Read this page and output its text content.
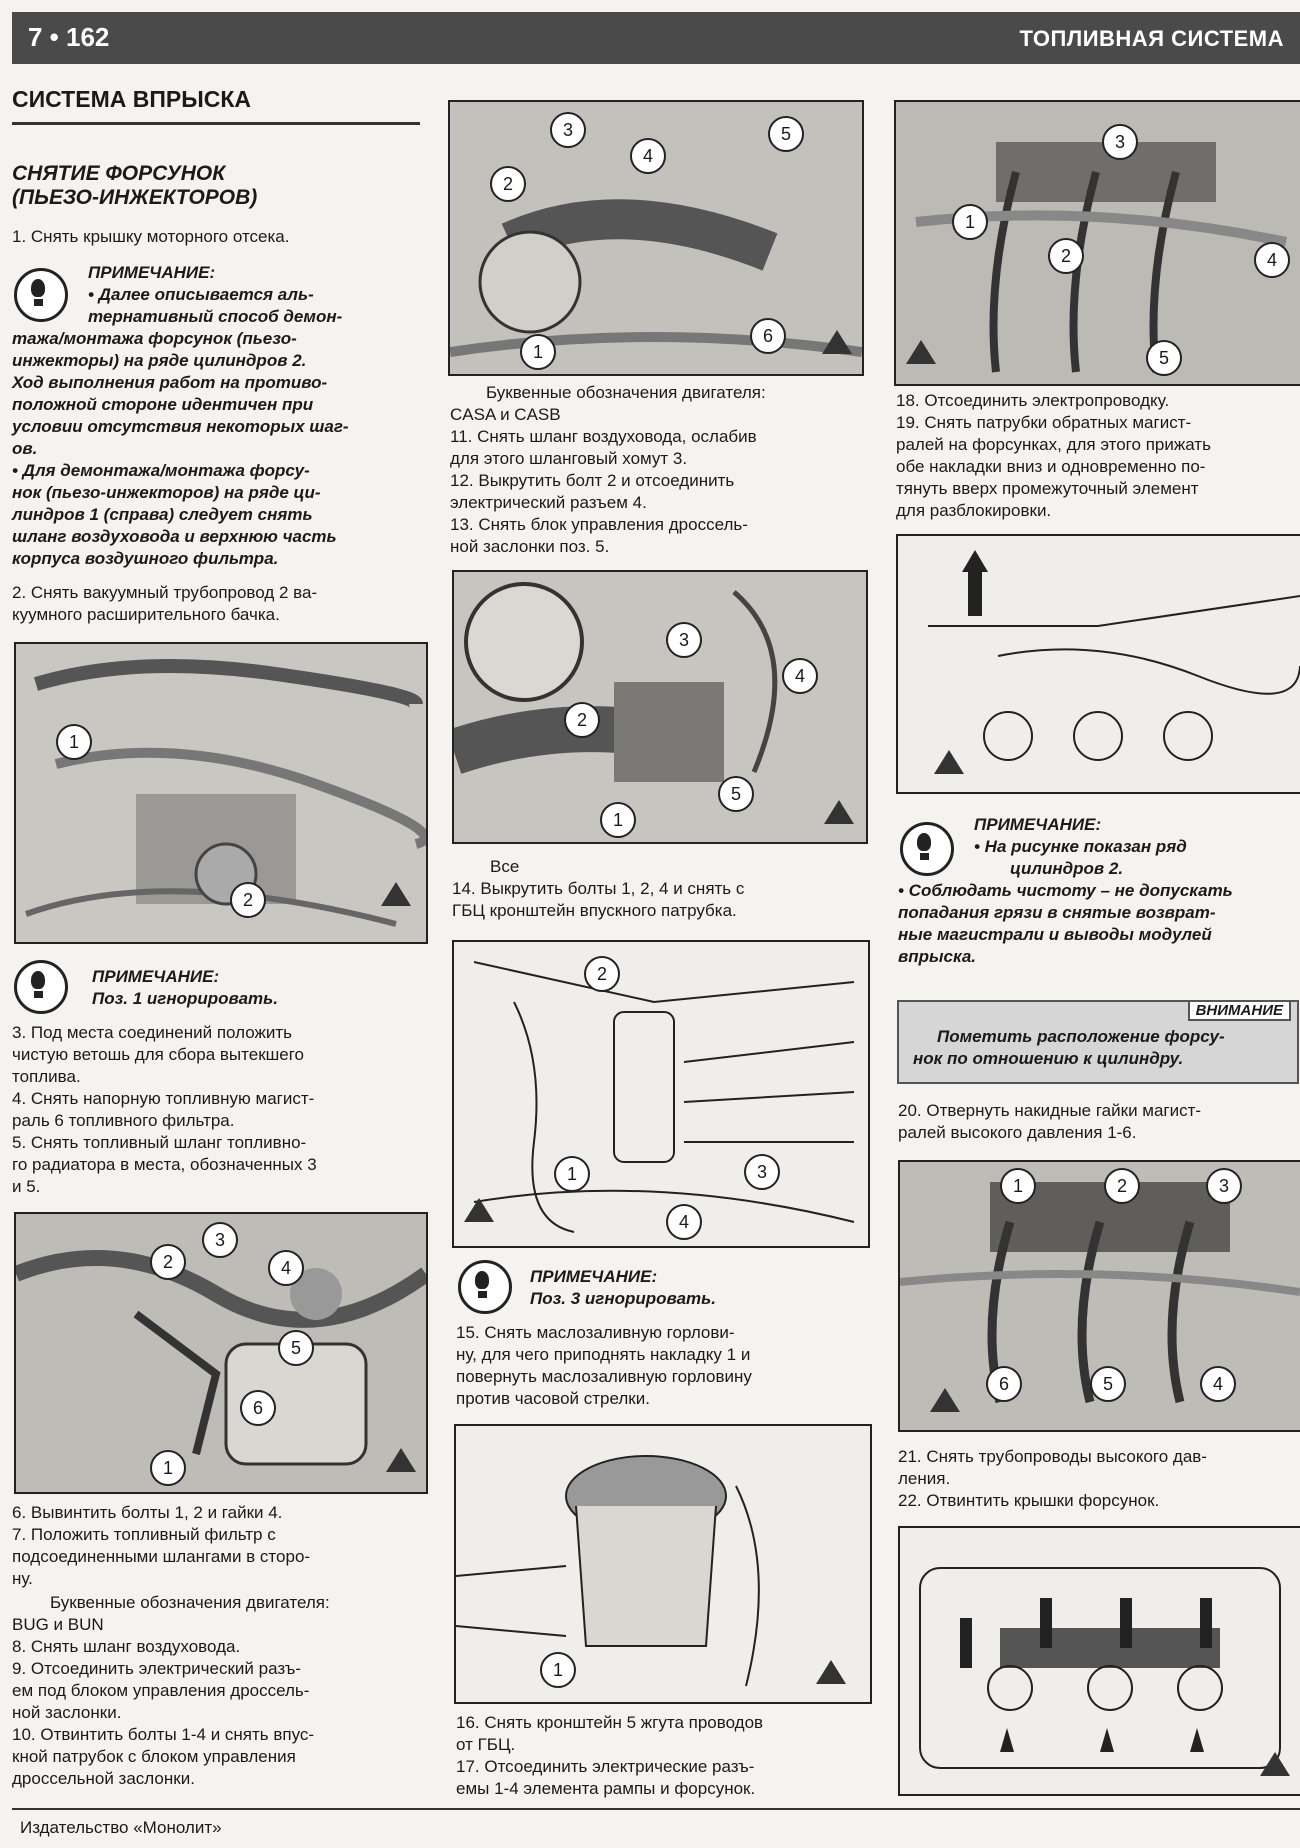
7 • 162	ТОПЛИВНАЯ СИСТЕМА
СИСТЕМА ВПРЫСКА
СНЯТИЕ ФОРСУНОК
(ПЬЕЗО-ИНЖЕКТОРОВ)
1. Снять крышку моторного отсека.
ПРИМЕЧАНИЕ:
• Далее описывается аль-
тернативный способ демон-
тажа/монтажа форсунок (пьезо-
инжекторы) на ряде цилиндров 2.
Ход выполнения работ на противо-
положной стороне идентичен при
условии отсутствия некоторых шаг-
ов.
• Для демонтажа/монтажа форсу-
нок (пьезо-инжекторов) на ряде ци-
линдров 1 (справа) следует снять
шланг воздуховода и верхнюю часть
корпуса воздушного фильтра.
2. Снять вакуумный трубопровод 2 ва-
куумного расширительного бачка.
1
2
ПРИМЕЧАНИЕ:
Поз. 1 игнорировать.
3. Под места соединений положить
чистую ветошь для сбора вытекшего
топлива.
4. Снять напорную топливную магист-
раль 6 топливного фильтра.
5. Снять топливный шланг топливно-
го радиатора в места, обозначенных 3
и 5.
3
2	4
5
6
1
6. Вывинтить болты 1, 2 и гайки 4.
7. Положить топливный фильтр с
подсоединенными шлангами в сторо-
ну.
Буквенные обозначения двигателя:
BUG и BUN
8. Снять шланг воздуховода.
9. Отсоединить электрический разъ-
ем под блоком управления дроссель-
ной заслонки.
10. Отвинтить болты 1-4 и снять впус-
кной патрубок с блоком управления
дроссельной заслонки.
3
4
5
2
6
1
Буквенные обозначения двигателя:
CASA и CASB
11. Снять шланг воздуховода, ослабив
для этого шланговый хомут 3.
12. Выкрутить болт 2 и отсоединить
электрический разъем 4.
13. Снять блок управления дроссель-
ной заслонки поз. 5.
3
2
4
5
1
Все
14. Выкрутить болты 1, 2, 4 и снять с
ГБЦ кронштейн впускного патрубка.
2
1
4
3
ПРИМЕЧАНИЕ:
Поз. 3 игнорировать.
15. Снять маслозаливную горлови-
ну, для чего приподнять накладку 1 и
повернуть маслозаливную горловину
против часовой стрелки.
1
16. Снять кронштейн 5 жгута проводов
от ГБЦ.
17. Отсоединить электрические разъ-
емы 1-4 элемента рампы и форсунок.
3
1
2	4
5
18. Отсоединить электропроводку.
19. Снять патрубки обратных магист-
ралей на форсунках, для этого прижать
обе накладки вниз и одновременно по-
тянуть вверх промежуточный элемент
для разблокировки.
ПРИМЕЧАНИЕ:
• На рисунке показан ряд
цилиндров 2.
• Соблюдать чистоту – не допускать
попадания грязи в снятые возврат-
ные магистрали и выводы модулей
впрыска.
ВНИМАНИЕ
Пометить расположение форсу-
нок по отношению к цилиндру.
20. Отвернуть накидные гайки магист-
ралей высокого давления 1-6.
1	2	3
6	5	4
21. Снять трубопроводы высокого дав-
ления.
22. Отвинтить крышки форсунок.
Издательство «Монолит»
